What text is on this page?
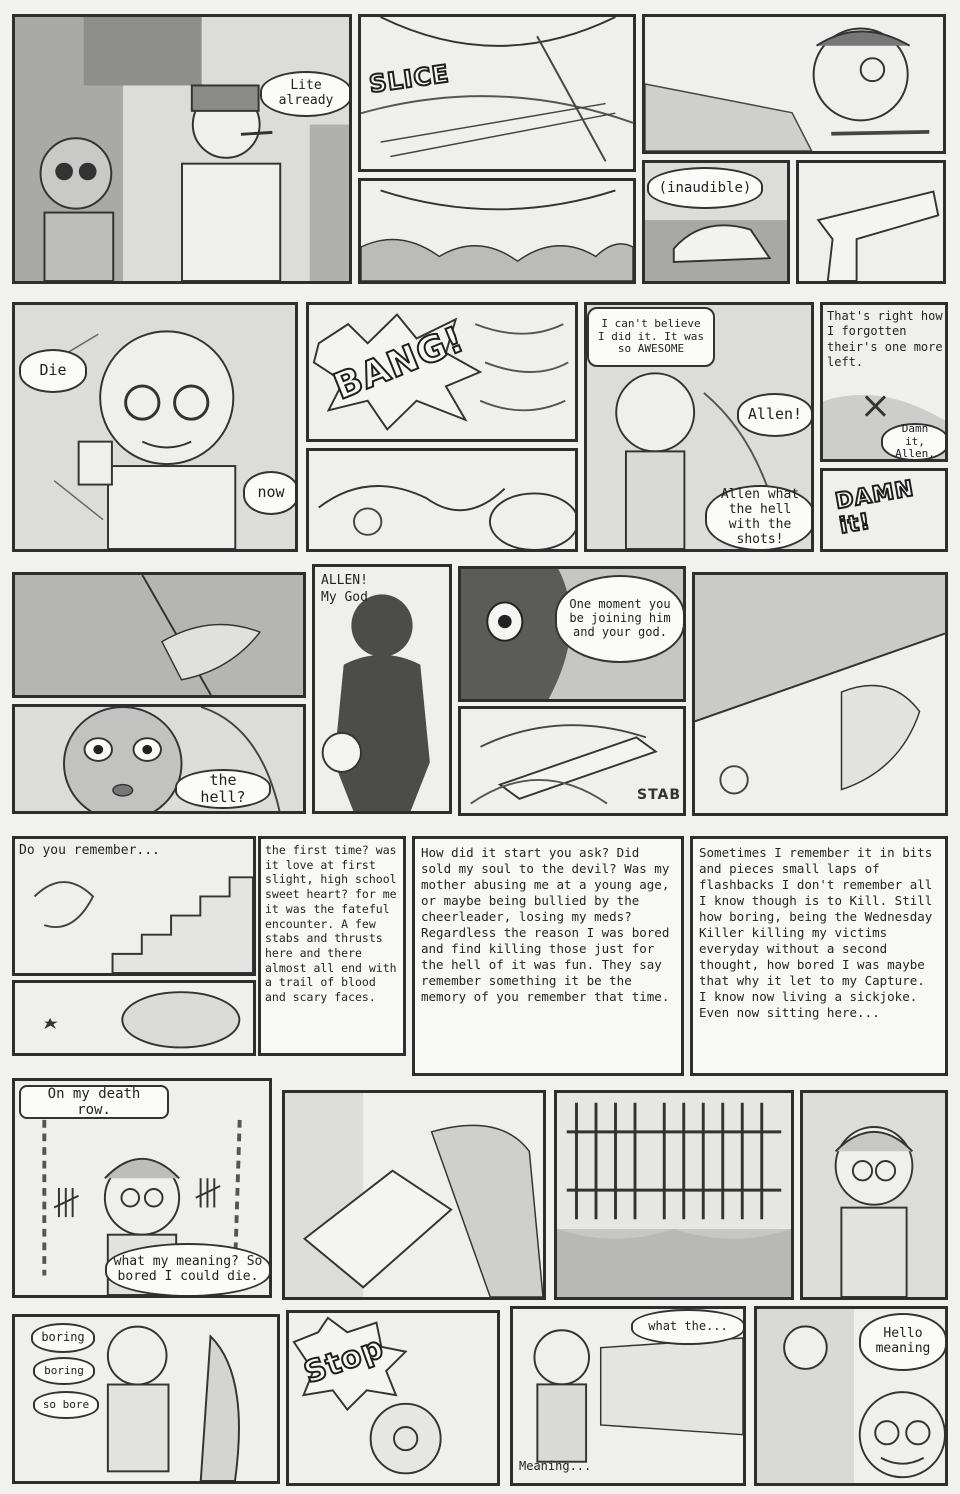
Lite already
SLICE
(inaudible)
Die
now
BANG!	I can't believe I did it. It was so AWESOME
Allen!
Allen what the hell with the shots!
That's right how I forgotten their's one more left.
Damn it, Allen.
DAMN it!
the hell?
ALLEN! My God	One moment you be joining him and your god.
STAB
Do you remember...	the first time? was it love at first slight, high school sweet heart? for me it was the fateful encounter. A few stabs and thrusts here and there almost all end with a trail of blood and scary faces.
How did it start you ask? Did sold my soul to the devil? Was my mother abusing me at a young age, or maybe being bullied by the cheerleader, losing my meds? Regardless the reason I was bored and find killing those just for the hell of it was fun. They say remember something it be the memory of you remember that time.
Sometimes I remember it in bits and pieces small laps of flashbacks I don't remember all I know though is to Kill. Still how boring, being the Wednesday Killer killing my victims everyday without a second thought, how bored I was maybe that why it let to my Capture. I know now living a sickjoke. Even now sitting here...
On my death row.
what my meaning? So bored I could die.
boring
boring
so bore
Stop
what the...
Meaning...
Hello meaning
